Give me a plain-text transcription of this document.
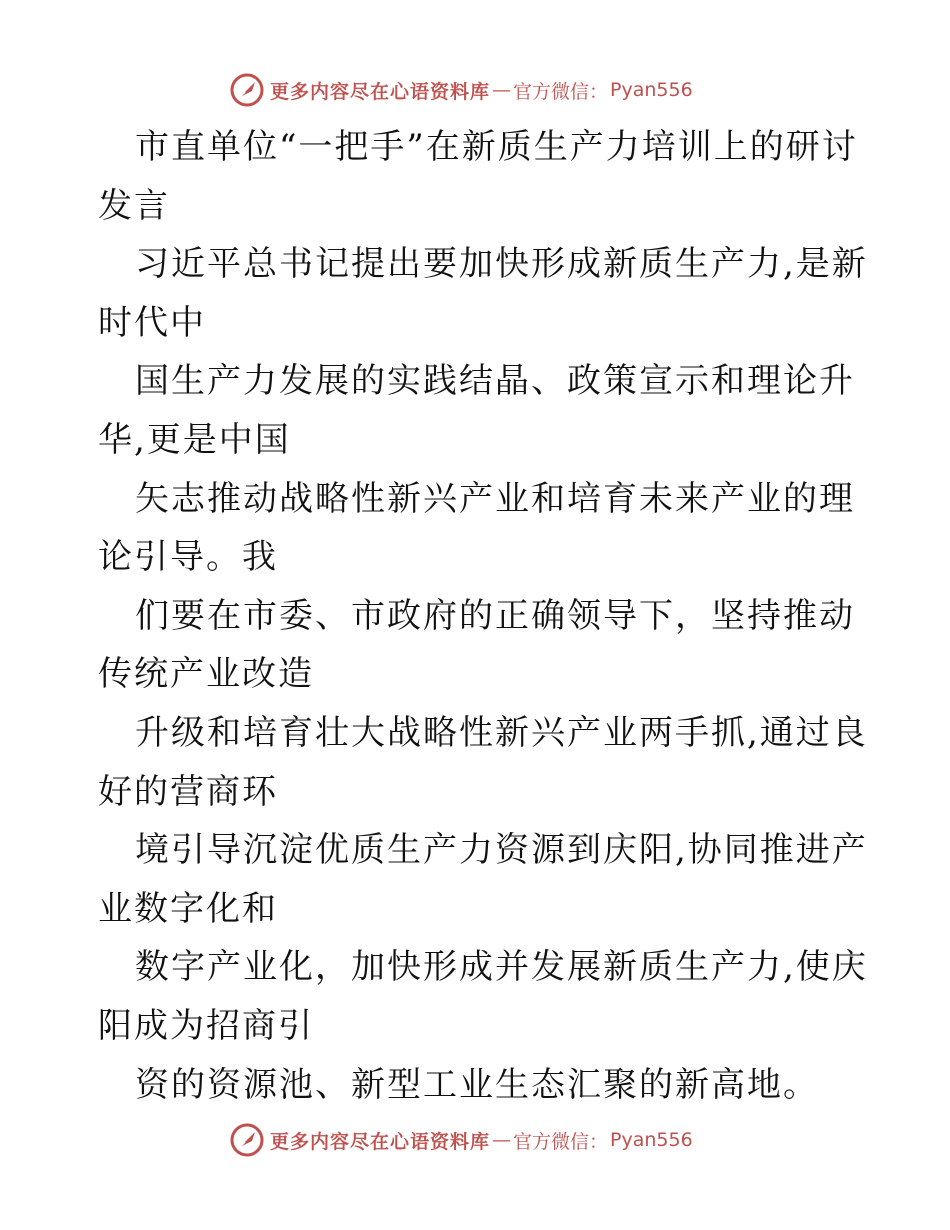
更多内容尽在心语资料库 — 官方微信： Pyan556

市直单位“一把手”在新质生产力培训上的研讨发言

习近平总书记提出要加快形成新质生产力,是新时代中

国生产力发展的实践结晶、政策宣示和理论升华,更是中国

矢志推动战略性新兴产业和培育未来产业的理论引导。我

们要在市委、市政府的正确领导下，坚持推动传统产业改造

升级和培育壮大战略性新兴产业两手抓,通过良好的营商环

境引导沉淀优质生产力资源到庆阳,协同推进产业数字化和

数字产业化，加快形成并发展新质生产力,使庆阳成为招商引

资的资源池、新型工业生态汇聚的新高地。

更多内容尽在心语资料库 — 官方微信： Pyan556
